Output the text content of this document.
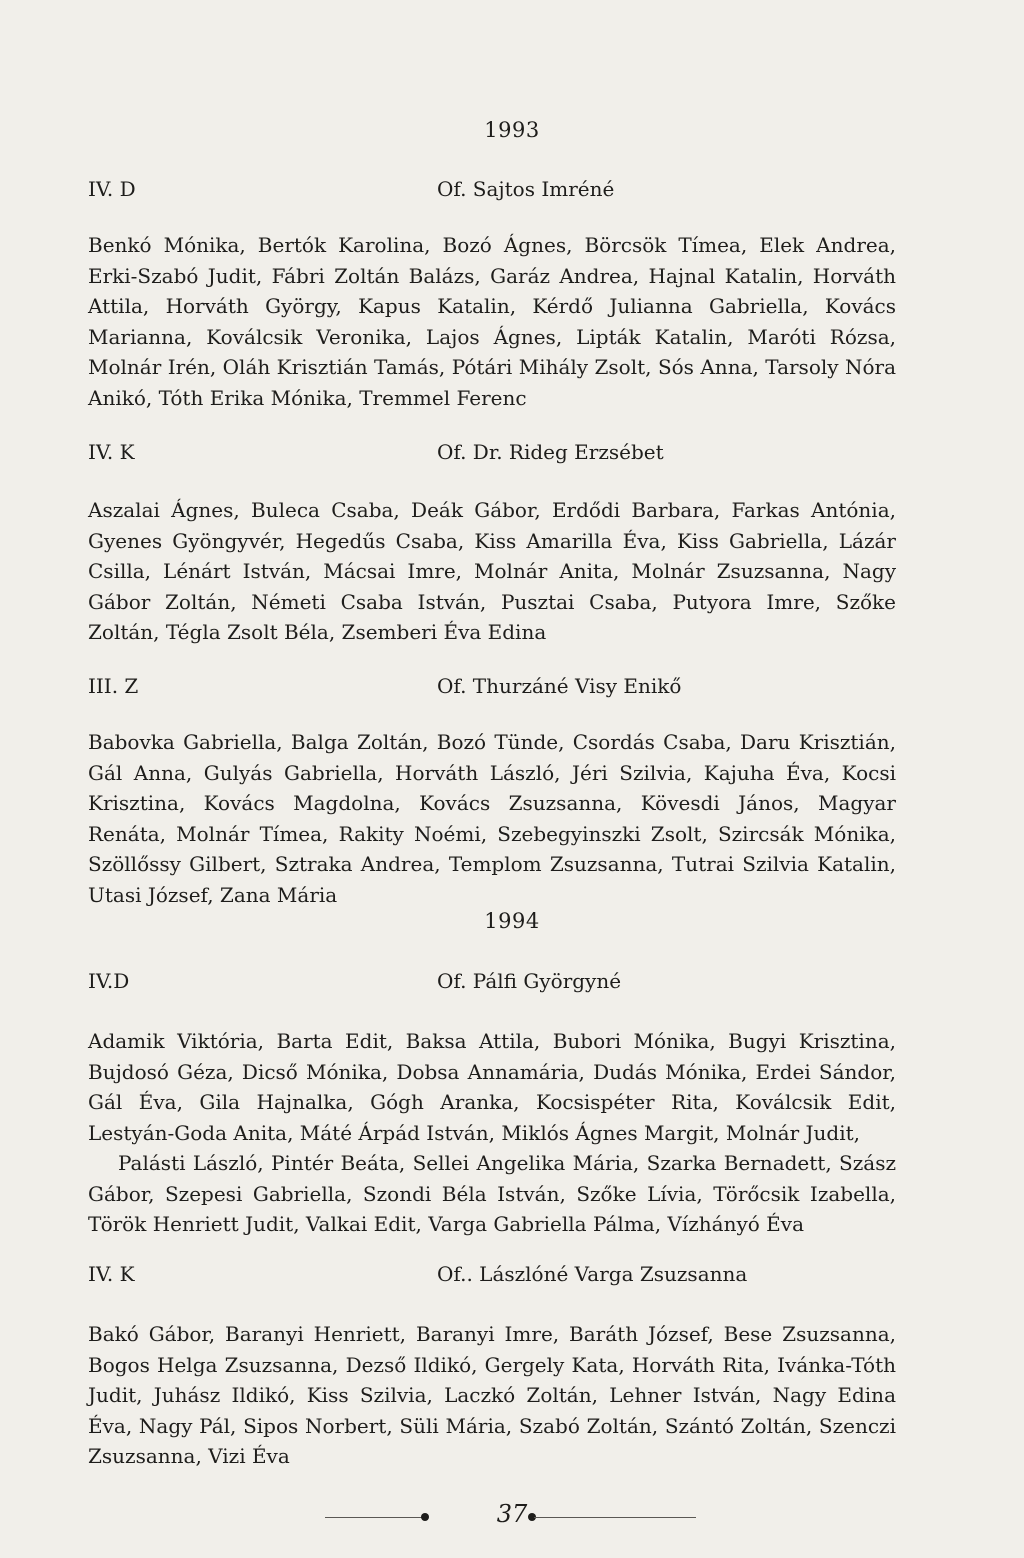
1993
IV. D	Of. Sajtos Imréné

Benkó Mónika, Bertók Karolina, Bozó Ágnes, Börcsök Tímea, Elek Andrea, Erki-Szabó Judit, Fábri Zoltán Balázs, Garáz Andrea, Hajnal Katalin, Horváth Attila, Horváth György, Kapus Katalin, Kérdő Julianna Gabriella, Kovács Marianna, Koválcsik Veronika, Lajos Ágnes, Lipták Katalin, Maróti Rózsa, Molnár Irén, Oláh Krisztián Tamás, Pótári Mihály Zsolt, Sós Anna, Tarsoly Nóra Anikó, Tóth Erika Mónika, Tremmel Ferenc

IV. K	Of. Dr. Rideg Erzsébet

Aszalai Ágnes, Buleca Csaba, Deák Gábor, Erdődi Barbara, Farkas Antónia, Gyenes Gyöngyvér, Hegedűs Csaba, Kiss Amarilla Éva, Kiss Gabriella, Lázár Csilla, Lénárt István, Mácsai Imre, Molnár Anita, Molnár Zsuzsanna, Nagy Gábor Zoltán, Németi Csaba István, Pusztai Csaba, Putyora Imre, Szőke Zoltán, Tégla Zsolt Béla, Zsemberi Éva Edina

III. Z	Of. Thurzáné Visy Enikő

Babovka Gabriella, Balga Zoltán, Bozó Tünde, Csordás Csaba, Daru Krisztián, Gál Anna, Gulyás Gabriella, Horváth László, Jéri Szilvia, Kajuha Éva, Kocsi Krisztina, Kovács Magdolna, Kovács Zsuzsanna, Kövesdi János, Magyar Renáta, Molnár Tímea, Rakity Noémi, Szebegyinszki Zsolt, Szircsák Mónika, Szöllőssy Gilbert, Sztraka Andrea, Templom Zsuzsanna, Tutrai Szilvia Katalin, Utasi József, Zana Mária

1994
IV.D	Of. Pálfi Györgyné

Adamik Viktória, Barta Edit, Baksa Attila, Bubori Mónika, Bugyi Krisztina, Bujdosó Géza, Dicső Mónika, Dobsa Annamária, Dudás Mónika, Erdei Sándor, Gál Éva, Gila Hajnalka, Gógh Aranka, Kocsispéter Rita, Koválcsik Edit, Lestyán-Goda Anita, Máté Árpád István, Miklós Ágnes Margit, Molnár Judit,

Palásti László, Pintér Beáta, Sellei Angelika Mária, Szarka Bernadett, Szász Gábor, Szepesi Gabriella, Szondi Béla István, Szőke Lívia, Törőcsik Izabella, Török Henriett Judit, Valkai Edit, Varga Gabriella Pálma, Vízhányó Éva

IV. K	Of.. Lászlóné Varga Zsuzsanna

Bakó Gábor, Baranyi Henriett, Baranyi Imre, Baráth József, Bese Zsuzsanna, Bogos Helga Zsuzsanna, Dezső Ildikó, Gergely Kata, Horváth Rita, Ivánka-Tóth Judit, Juhász Ildikó, Kiss Szilvia, Laczkó Zoltán, Lehner István, Nagy Edina Éva, Nagy Pál, Sipos Norbert, Süli Mária, Szabó Zoltán, Szántó Zoltán, Szenczi Zsuzsanna, Vizi Éva

37
